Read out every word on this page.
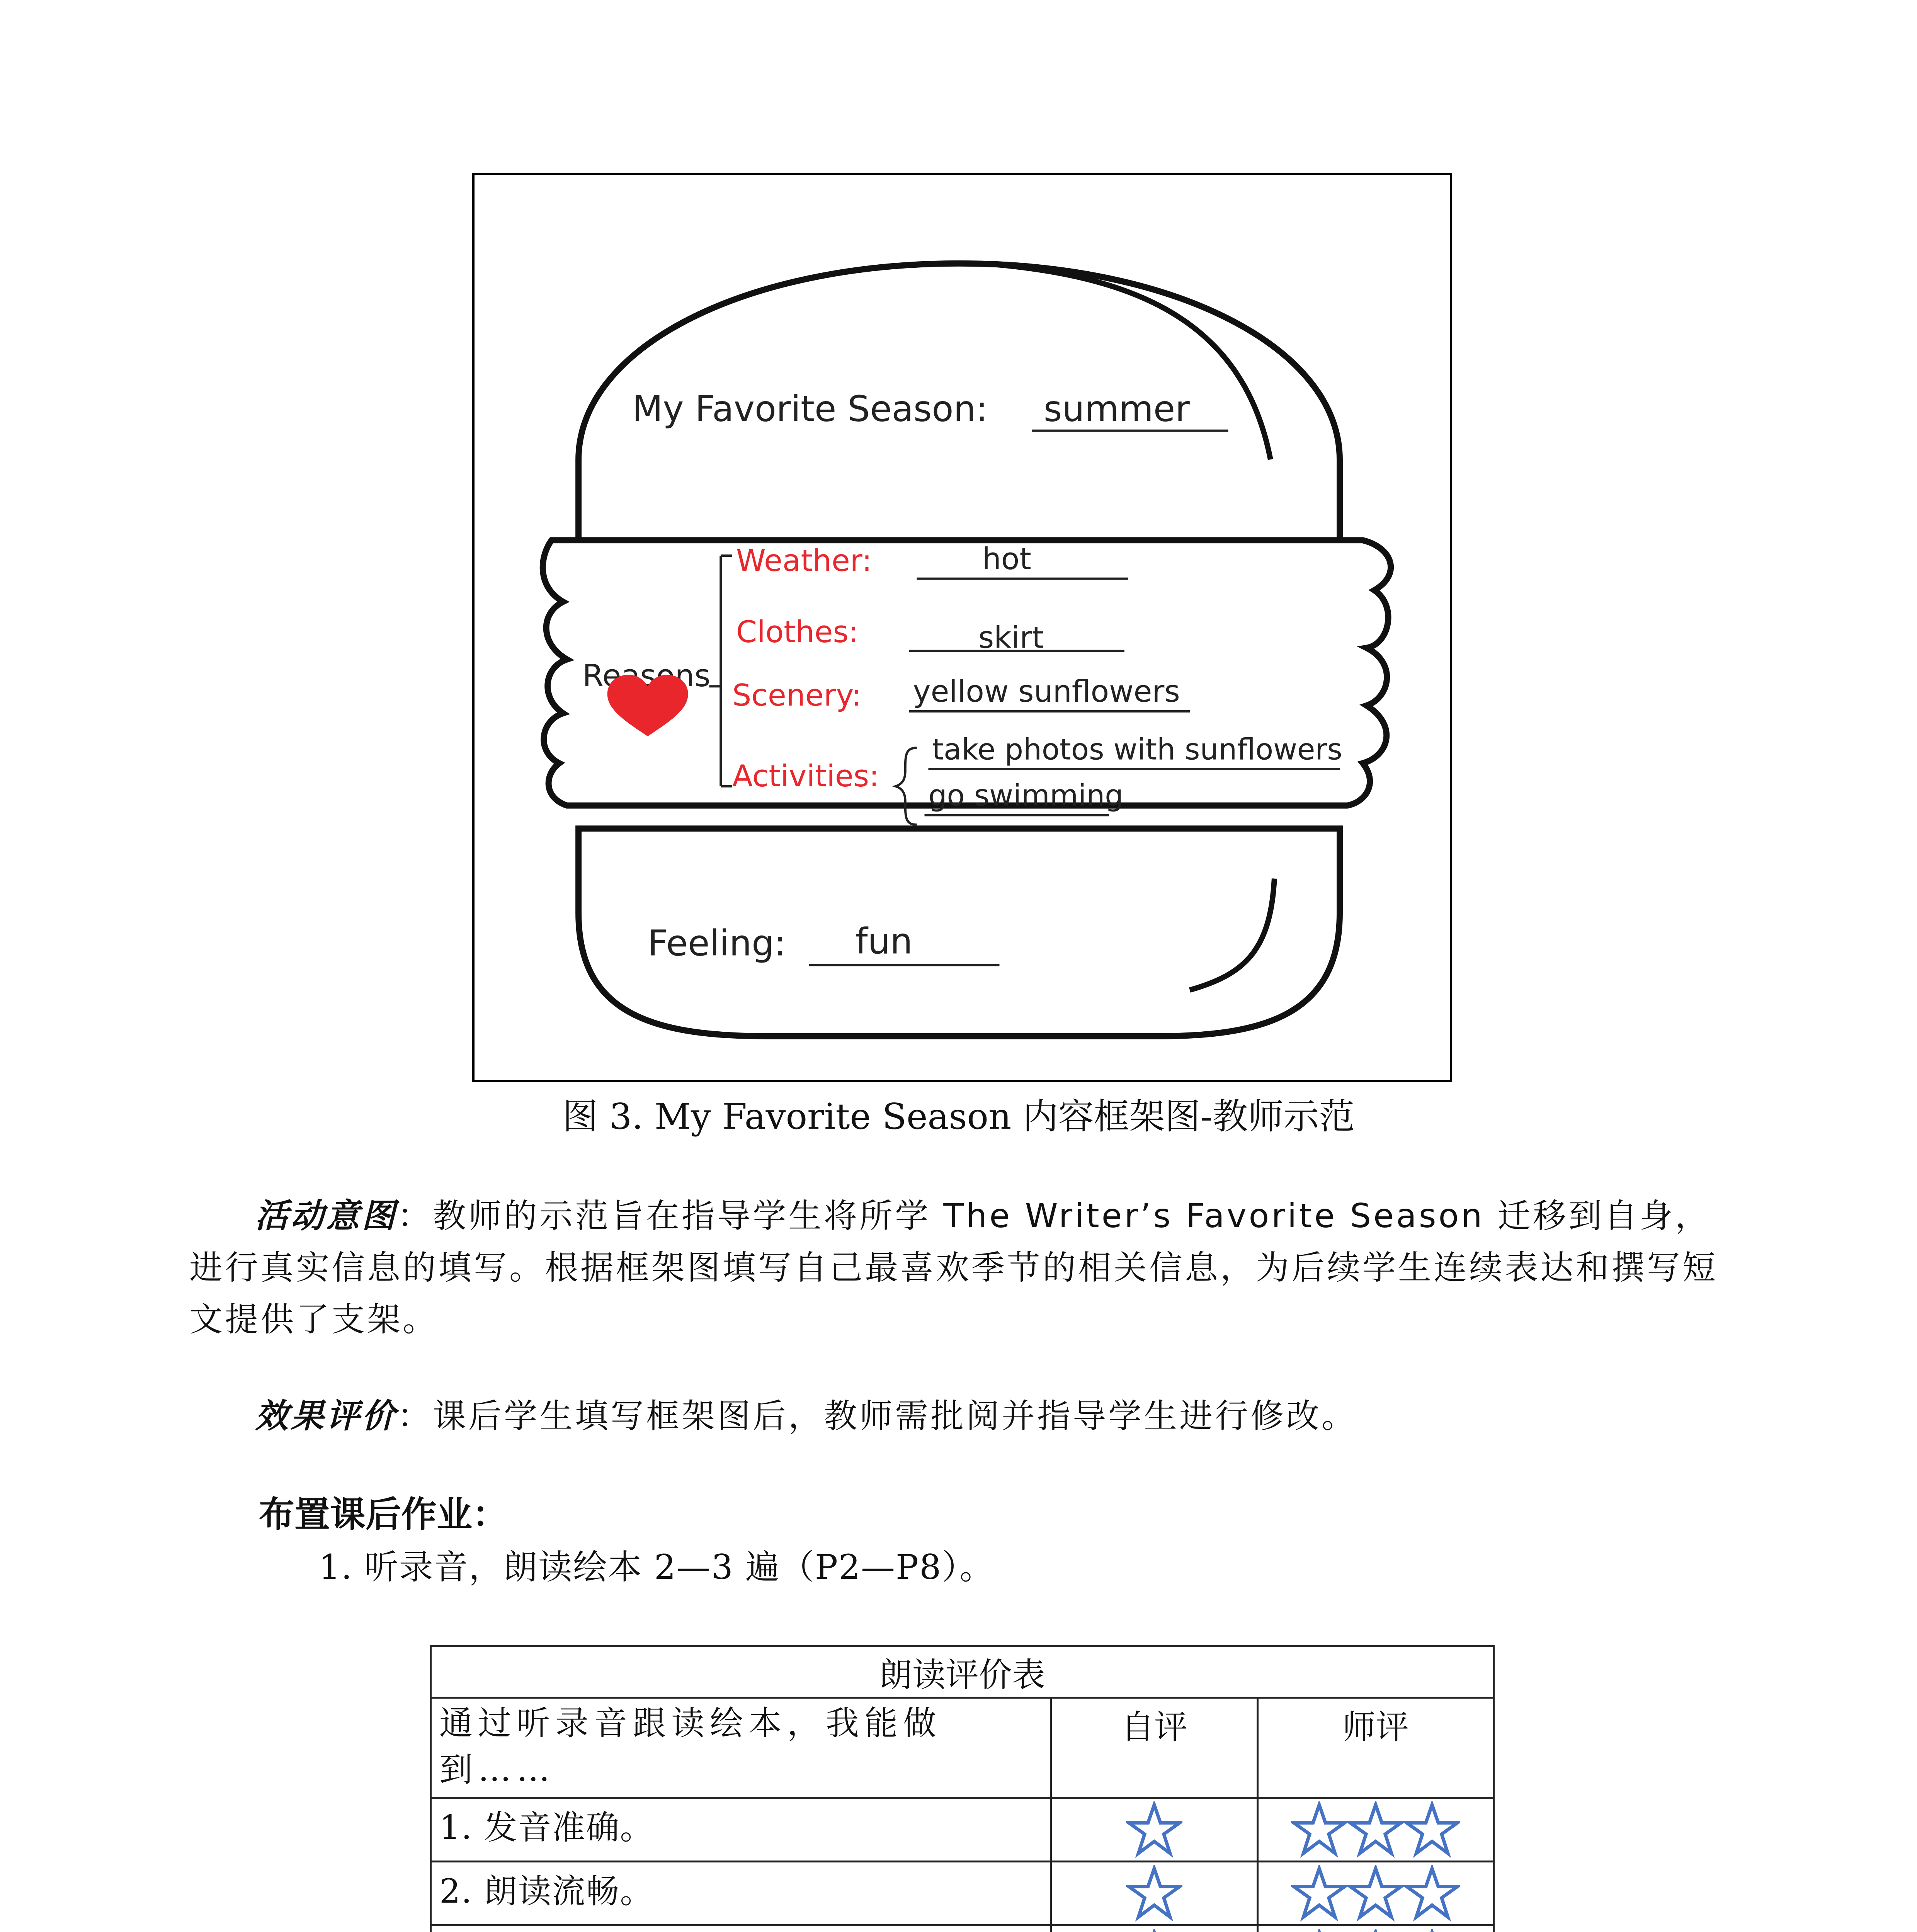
My Favorite Season: summer
Reasons
Weather:	hot
Clothes:	skirt
Scenery: yellow sunflowers
Activities:
take photos with sunflowers
go swimming
Feeling: fun
图 3. My Favorite Season 内容框架图-教师示范
活动意图：教师的示范旨在指导学生将所学 The Writer’s Favorite Season 迁移到自身，进行真实信息的填写。根据框架图填写自己最喜欢季节的相关信息，为后续学生连续表达和撰写短文提供了支架。
效果评价：课后学生填写框架图后，教师需批阅并指导学生进行修改。
布置课后作业：
1. 听录音，朗读绘本 2—3 遍（P2—P8）。
朗读评价表		
通过听录音跟读绘本，我能做到……	自评	师评
1. 发音准确。		
2. 朗读流畅。		
